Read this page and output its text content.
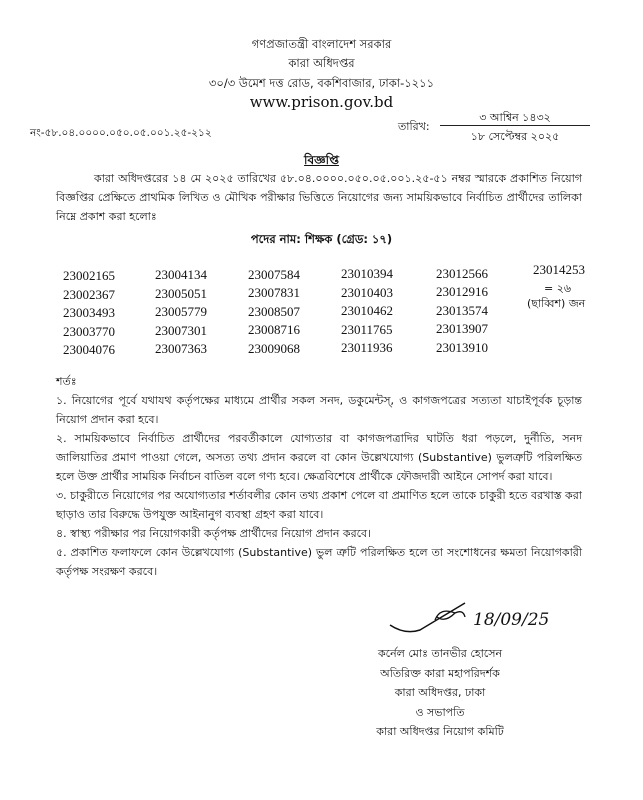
গণপ্রজাতন্ত্রী বাংলাদেশ সরকার
কারা অধিদপ্তর
৩০/৩ উমেশ দত্ত রোড, বকশিবাজার, ঢাকা-১২১১
www.prison.gov.bd
নং-৫৮.০৪.০০০০.০৫০.০৫.০০১.২৫-২১২	তারিখ:
৩ আশ্বিন ১৪৩২
১৮ সেপ্টেম্বর ২০২৫
বিজ্ঞপ্তি
কারা অধিদপ্তরের ১৪ মে ২০২৫ তারিখের ৫৮.০৪.০০০০.০৫০.০৫.০০১.২৫-৫১ নম্বর স্মারকে প্রকাশিত নিয়োগ বিজ্ঞপ্তির প্রেক্ষিতে প্রাথমিক লিখিত ও মৌখিক পরীক্ষার ভিত্তিতে নিয়োগের জন্য সাময়িকভাবে নির্বাচিত প্রার্থীদের তালিকা নিম্নে প্রকাশ করা হলোঃ
পদের নাম: শিক্ষক (গ্রেড: ১৭)
23002165
23002367
23003493
23003770
23004076
23004134
23005051
23005779
23007301
23007363
23007584
23007831
23008507
23008716
23009068
23010394
23010403
23010462
23011765
23011936
23012566
23012916
23013574
23013907
23013910
23014253
= ২৬
(ছাব্বিশ) জন

শর্তঃ

১. নিয়োগের পূর্বে যথাযথ কর্তৃপক্ষের মাধ্যমে প্রার্থীর সকল সনদ, ডকুমেন্টস্, ও কাগজপত্রের সত্যতা যাচাইপূর্বক চূড়ান্ত নিয়োগ প্রদান করা হবে।

২. সাময়িকভাবে নির্বাচিত প্রার্থীদের পরবর্তীকালে যোগ্যতার বা কাগজপত্রাদির ঘাটতি ধরা পড়লে, দুর্নীতি, সনদ জালিয়াতির প্রমাণ পাওয়া গেলে, অসত্য তথ্য প্রদান করলে বা কোন উল্লেখযোগ্য (Substantive) ভুলত্রুটি পরিলক্ষিত হলে উক্ত প্রার্থীর সাময়িক নির্বাচন বাতিল বলে গণ্য হবে। ক্ষেত্রবিশেষে প্রার্থীকে ফৌজদারী আইনে সোপর্দ করা যাবে।

৩. চাকুরীতে নিয়োগের পর অযোগ্যতার শর্তাবলীর কোন তথ্য প্রকাশ পেলে বা প্রমাণিত হলে তাকে চাকুরী হতে বরখাস্ত করা ছাড়াও তার বিরুদ্ধে উপযুক্ত আইনানুগ ব্যবস্থা গ্রহণ করা যাবে।

৪. স্বাস্থ্য পরীক্ষার পর নিয়োগকারী কর্তৃপক্ষ প্রার্থীদের নিয়োগ প্রদান করবে।

৫. প্রকাশিত ফলাফলে কোন উল্লেখযোগ্য (Substantive) ভুল ত্রুটি পরিলক্ষিত হলে তা সংশোধনের ক্ষমতা নিয়োগকারী কর্তৃপক্ষ সংরক্ষণ করবে।

18/09/25
কর্নেল মোঃ তানভীর হোসেন
অতিরিক্ত কারা মহাপরিদর্শক
কারা অধিদপ্তর, ঢাকা
ও সভাপতি
কারা অধিদপ্তর নিয়োগ কমিটি
